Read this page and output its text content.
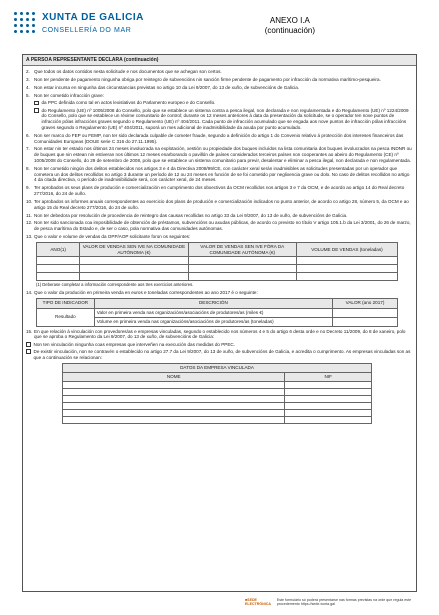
XUNTA DE GALICIA
CONSELLERÍA DO MAR
ANEXO I.A
(continuación)
A PERSOA REPRESENTANTE DECLARA (continuación)
2. Que todos os datos contidos nesta solicitude e nos documentos que se achegan son certos.
3. Non ter pendente de pagamento ningunha obriga por reintegro de subvencións nin sanción firme pendente de pagamento por infracción da normativa marítimo-pesqueira.
4. Non estar incursa en ningunha das circunstancias previstas no artigo 10 da Lei 9/2007, do 13 de xuño, de subvencións de Galicia.
5. Non ter cometido infracción grave:
da PPC definida como tal en actos lexislativos do Parlamento europeo e do Consello.
do Regulamento (UE) nº 1005/2008 do Consello, polo que se establece un sistema contra a pesca ilegal, non declarada e non regulamentada e do Regulamento (UE) nº 1224/2009 do Consello, polo que se establece un réxime comunitario de control; durante os 12 meses anteriores á data da presentación da solicitude, se o operador ten nove puntos de infracción pólas infraccións graves segundo o Regulamento (UE) nº 404/2011. Cada punto de infracción acumulado que se engada aos nove puntos de infracción pólas infraccións graves segundo o Regulamento (UE) nº 404/2011, suporá un mes adicional de inadmisibilidade da axuda por punto acumulado.
6. Non ser marco do FEP ou FEMP, non ter sido declarada culpable de cometer fraude, segundo a definición do artigo 1 do Convenio relativo á protección dos intereses financeiros das Comunidades Europeas (DOUE serie C 316 do 27.11.1995).
7. Non estar nin ter estado nos últimos 24 meses involucrada na explotación, xestión ou propiedade dos buques incluídos na lista comunitaria dos buques involucrados na pesca INDNR ou de buques que nin estean nin estiveran nos últimos 12 meses enarborando o pavillón de países considerados terceiros países non cooperantes ao abeiro do Regulamento (CE) nº 1005/2008 do Consello, do 29 de setembro de 2008, polo que se establece un sistema comunitario para previr, desalentar e eliminar a pesca ilegal, non declarada e non regulamentada.
8. Non ter cometido ningún dos delitos establecidos nos artigos 3 e 4 da Directiva 2008/99/CE, con carácter xeral serán inadmisibles as solicitudes presentadas por un operador que cometera un dos delitos recollidos no artigo 3 durante un período de 12 ou 24 meses en función de se foi cometido por neglixencia grave ou dolo. No caso de delitos recollidos no artigo 4 da citada directiva, o período de inadmisibilidade será, con carácter xeral, de 24 meses.
9. Ter aprobados os seus plans de produción e comercialización en cumprimento dos obxectivos da OCM recollidos nos artigos 3 e 7 da OCM, e de acordo ao artigo 14 do Real decreto 277/2016, do 24 de xuño.
10. Ter aprobados os informes anuais correspondentes ao exercicio dos plans de produción e comercialización indicados no punto anterior, de acordo co artigo 28, número 5, da OCM e ao artigo 15 do Real decreto 277/2016, do 24 de xuño.
11. Non ter debedora por resolución de procedencia de reintegro das causas recollidas no artigo 33 da Lei 9/2007, do 13 de xuño, de subvencións de Galicia.
12. Non ter sido sancionada coa imposibilidade de obtención de préstamos, subvencións ou axudas públicas, de acordo co previsto no título V artigo 105.1.b da Lei 3/2001, do 26 de marzo, de pesca marítima do Estado e, de ser o caso, pola normativa das comunidades autónomas.
13. Que o valor e volume de vendas da OPP/AOP solicitante foron os seguintes:
ANO(1)	VALOR DE VENDAS SEN IVE NA COMUNIDADE AUTÓNOMA (€)	VALOR DE VENDAS SEN IVE FÓRA DA COMUNIDADE AUTÓNOMA (€)	VOLUME DE VENDAS (toneladas)

(1) Deberase completar a información correspondente aos tres exercicios anteriores.
14. Que o valor da produción en primeira venda en euros e toneladas correspondentes ao ano 2017 é o seguinte:
TIPO DE INDICADOR	DESCRICIÓN	VALOR (ano 2017)
Resultado	Valor en primeira venda nas organizacións/asociacións de produtores/as (miles €)	
	Volume en primeira venda nas organizacións/asociacións de produtores/as (toneladas)	
15. En que relación á vinculación con provedores/as e empresas vinculadas, segundo o establecido nos números 4 e 5 do artigo 6 desta orde e no Decreto 11/2009, do 8 de xaneiro, polo que se aproba o Regulamento da Lei 9/2007, do 13 de xuño, de subvencións de Galicia:
Non ten vinculación ningunha coas empresas que interveñen na execución das medidas do PPEC.
De existir vinculación, non se contravén o establecido no artigo 27.7 da Lei 9/2007, do 13 de xuño, de subvencións de Galicia, e acredita o cumprimento. As empresas vinculadas son as que a continuación se relacionan:
DATOS DA EMPRESA VINCULADA	
NOME	NIF

■SEDE ELECTRÓNICA
Este formulario só poderá presentarse nas formas previstas na orde que regula este procedemento https://sede.xunta.gal
